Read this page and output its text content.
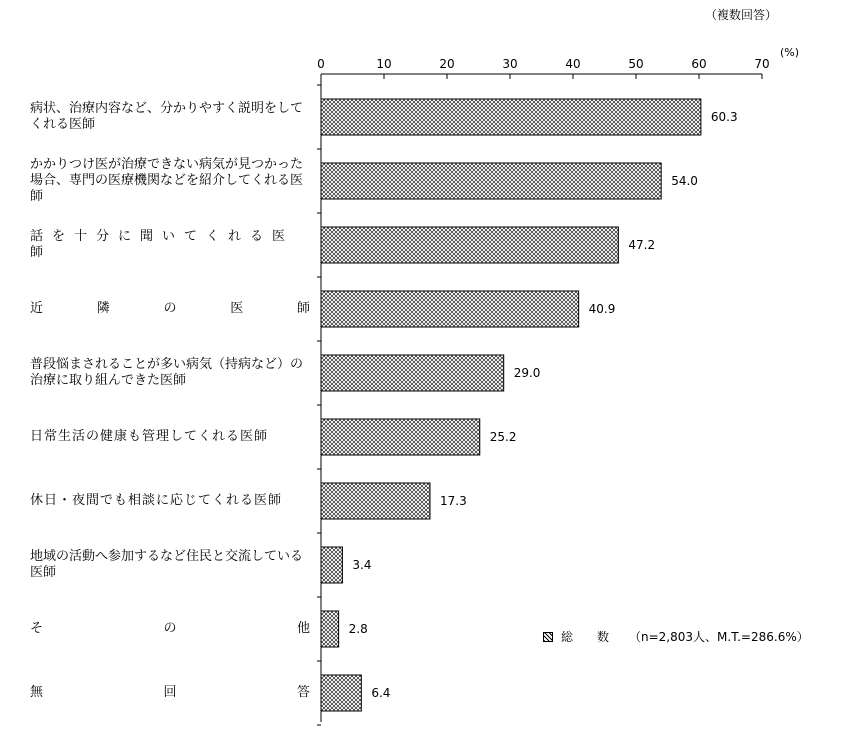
（複数回答）
0	10	20	30	40	50	60	70
(%)
60.3
54.0
47.2
40.9
29.0
25.2
17.3
3.4
2.8
6.4
病状、治療内容など、分かりやすく説明をしてくれる医師
かかりつけ医が治療できない病気が見つかった場合、専門の医療機関などを紹介してくれる医師
話を十分に聞いてくれる医師
近	隣	の	医	師
普段悩まされることが多い病気（持病など）の治療に取り組んできた医師
日常生活の健康も管理してくれる医師
休日・夜間でも相談に応じてくれる医師
地域の活動へ参加するなど住民と交流している医師
そ	の	他
無	回	答
総　　数 （n=2,803人、M.T.=286.6%）
